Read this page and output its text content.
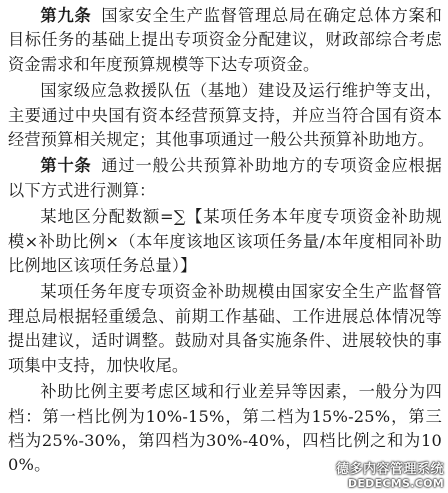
第九条 国家安全生产监督管理总局在确定总体方案和目标任务的基础上提出专项资金分配建议，财政部综合考虑资金需求和年度预算规模等下达专项资金。

国家级应急救援队伍（基地）建设及运行维护等支出，主要通过中央国有资本经营预算支持，并应当符合国有资本经营预算相关规定；其他事项通过一般公共预算补助地方。

第十条 通过一般公共预算补助地方的专项资金应根据以下方式进行测算：

某地区分配数额=∑【某项任务本年度专项资金补助规模×补助比例×（本年度该地区该项任务量/本年度相同补助比例地区该项任务总量）】

某项任务年度专项资金补助规模由国家安全生产监督管理总局根据轻重缓急、前期工作基础、工作进展总体情况等提出建议，适时调整。鼓励对具备实施条件、进展较快的事项集中支持，加快收尾。

补助比例主要考虑区域和行业差异等因素，一般分为四档：第一档比例为10%-15%，第二档为15%-25%，第三档为25%-30%，第四档为30%-40%，四档比例之和为100%。	德多内容管理系统
DEDECMS.COM
